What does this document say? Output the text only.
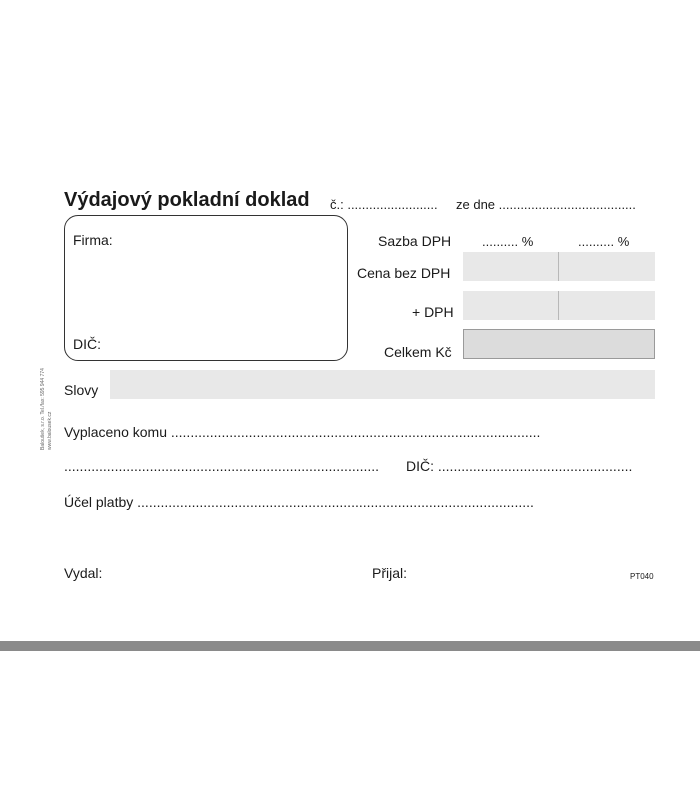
Výdajový pokladní doklad č.: ......................... ze dne ......................................
Firma:
DIČ:
Sazba DPH .......... %	.......... %
Cena bez DPH
+ DPH
Celkem Kč
Slovy
Vyplaceno komu ...............................................................................................
................................................................................. DIČ: ..................................................
Účel platby ......................................................................................................
Vydal:	Přijal:	PT040
Baloušek, s.r.o. Tel./fax: 595 944 774 www.balousek.cz
